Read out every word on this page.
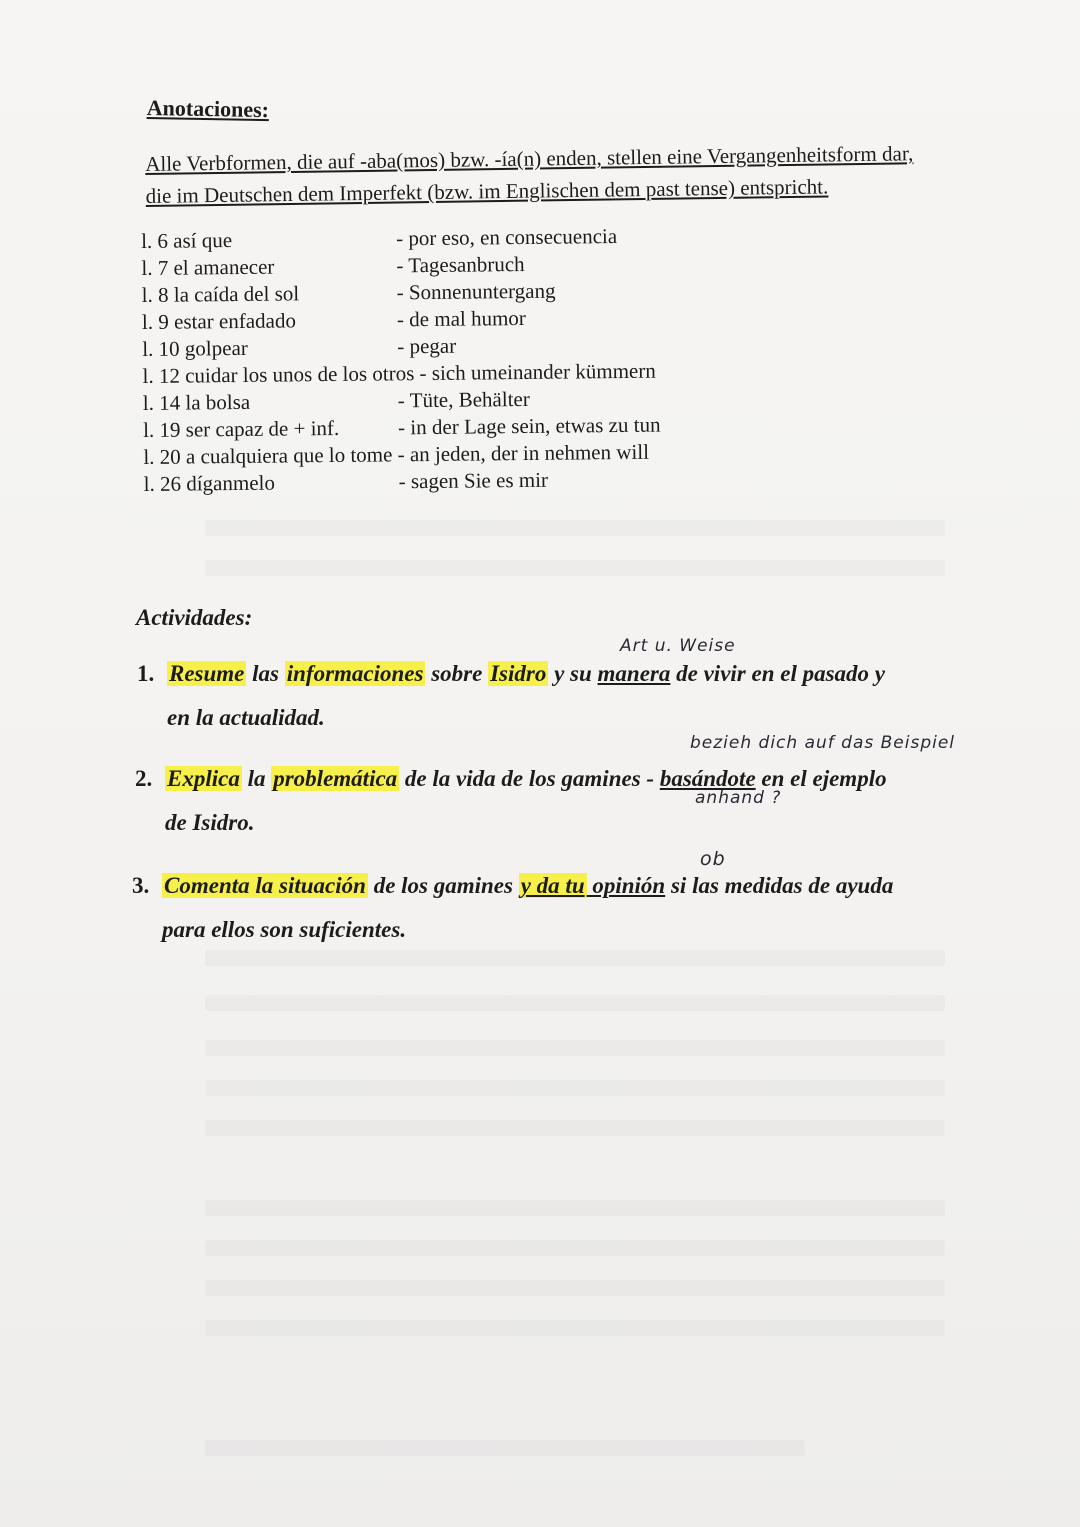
Anotaciones:
Alle Verbformen, die auf -aba(mos) bzw. -ía(n) enden, stellen eine Vergangenheitsform dar,
die im Deutschen dem Imperfekt (bzw. im Englischen dem past tense) entspricht.
l. 6 así que	- por eso, en consecuencia
l. 7 el amanecer	- Tagesanbruch
l. 8 la caída del sol	- Sonnenuntergang
l. 9 estar enfadado	- de mal humor
l. 10 golpear	- pegar
l. 12 cuidar los unos de los otros - sich umeinander kümmern
l. 14 la bolsa	- Tüte, Behälter
l. 19 ser capaz de + inf.	- in der Lage sein, etwas zu tun
l. 20 a cualquiera que lo tome - an jeden, der in nehmen will
l. 26 díganmelo	- sagen Sie es mir
Actividades:
Art u. Weise
1. Resume las informaciones sobre Isidro y su manera de vivir en el pasado y
en la actualidad.
bezieh dich auf das Beispiel
2. Explica la problemática de la vida de los gamines - basándote en el ejemplo
de Isidro.
anhand ?
ob
3. Comenta la situación de los gamines y da tu opinión si las medidas de ayuda
para ellos son suficientes.
